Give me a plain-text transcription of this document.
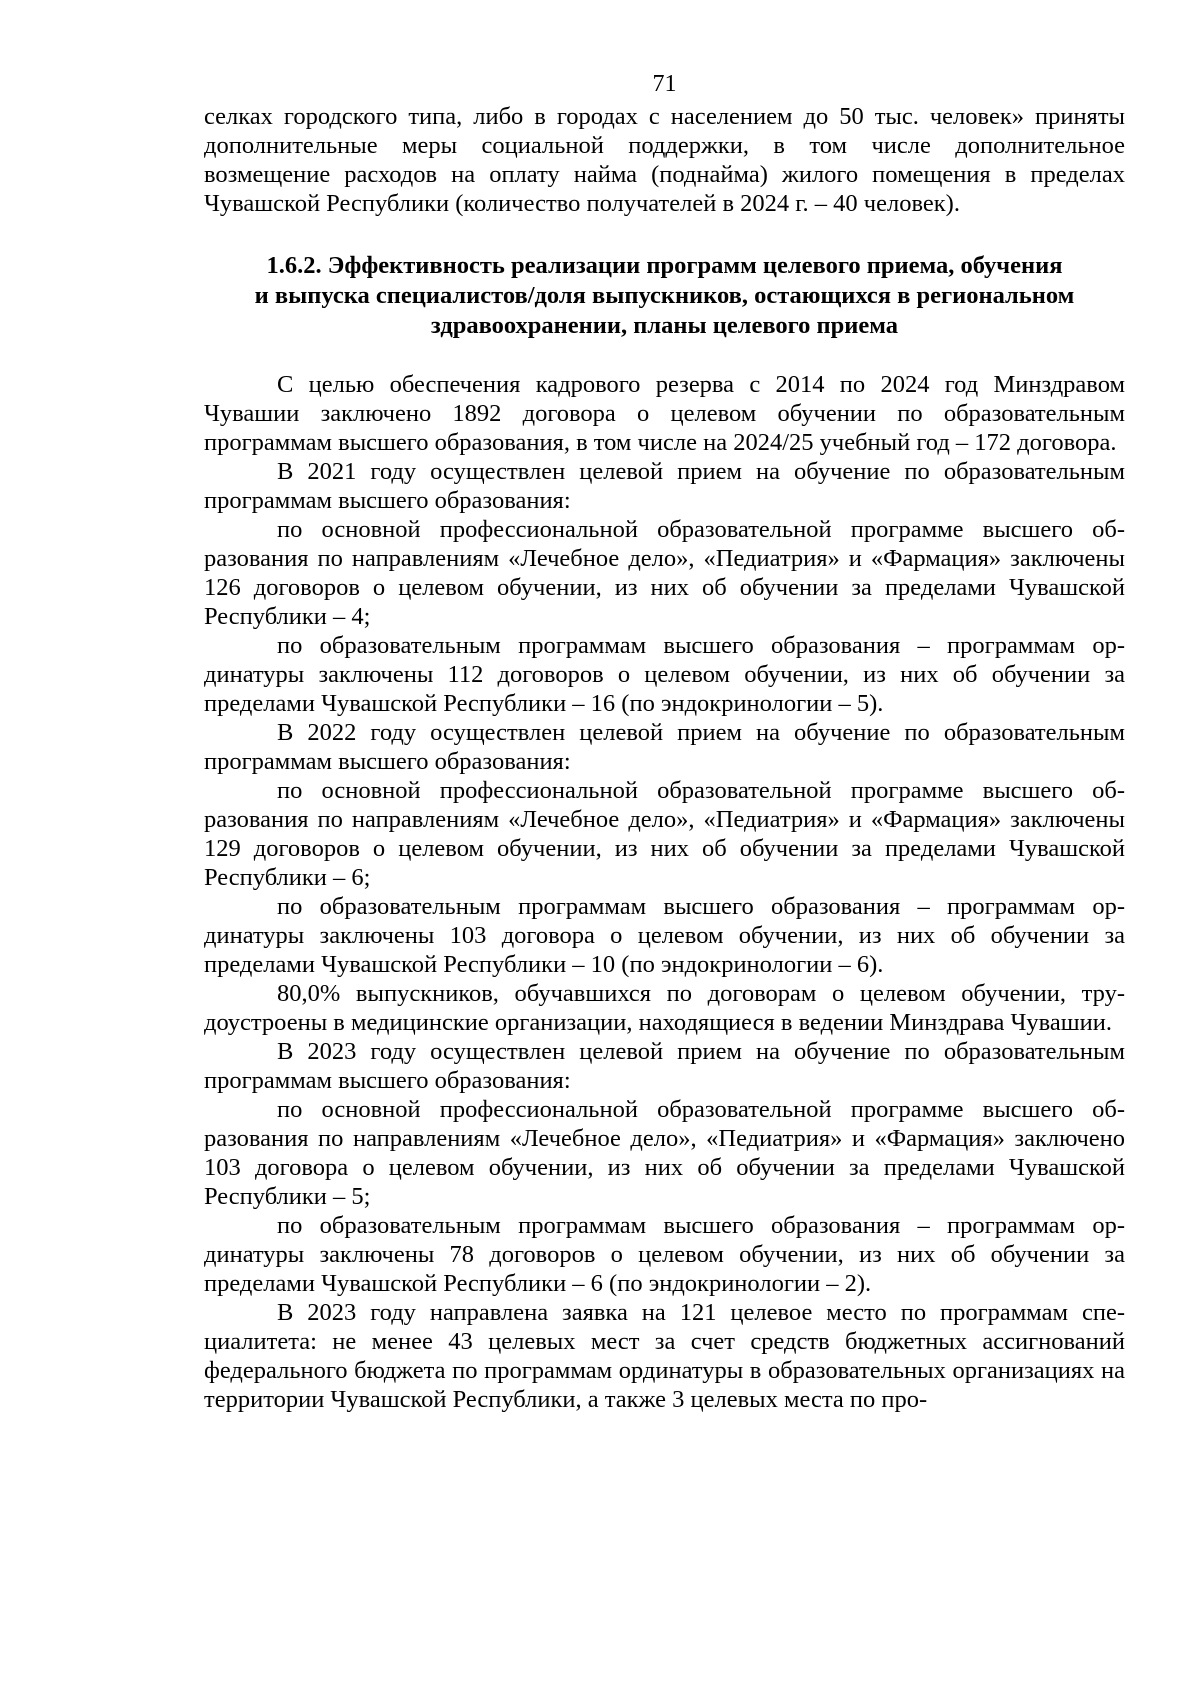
71

селках городского типа, либо в городах с населением до 50 тыс. человек» приняты дополнительные меры социальной поддержки, в том числе дополнительное возмещение расходов на оплату найма (поднайма) жилого помещения в пределах Чувашской Республики (количество получателей в 2024 г. – 40 человек).

1.6.2. Эффективность реализации программ целевого приема, обучения
и выпуска специалистов/доля выпускников, остающихся в региональном
здравоохранении, планы целевого приема

С целью обеспечения кадрового резерва с 2014 по 2024 год Минздравом Чувашии заключено 1892 договора о целевом обучении по образовательным программам высшего образования, в том числе на 2024/25 учебный год – 172 договора.

В 2021 году осуществлен целевой прием на обучение по образовательным программам высшего образования:

по основной профессиональной образовательной программе высшего образования по направлениям «Лечебное дело», «Педиатрия» и «Фармация» заключены 126 договоров о целевом обучении, из них об обучении за пределами Чувашской Республики – 4;

по образовательным программам высшего образования – программам ординатуры заключены 112 договоров о целевом обучении, из них об обучении за пределами Чувашской Республики – 16 (по эндокринологии – 5).

В 2022 году осуществлен целевой прием на обучение по образовательным программам высшего образования:

по основной профессиональной образовательной программе высшего образования по направлениям «Лечебное дело», «Педиатрия» и «Фармация» заключены 129 договоров о целевом обучении, из них об обучении за пределами Чувашской Республики – 6;

по образовательным программам высшего образования – программам ординатуры заключены 103 договора о целевом обучении, из них об обучении за пределами Чувашской Республики – 10 (по эндокринологии – 6).

80,0% выпускников, обучавшихся по договорам о целевом обучении, трудоустроены в медицинские организации, находящиеся в ведении Минздрава Чувашии.

В 2023 году осуществлен целевой прием на обучение по образовательным программам высшего образования:

по основной профессиональной образовательной программе высшего образования по направлениям «Лечебное дело», «Педиатрия» и «Фармация» заключено 103 договора о целевом обучении, из них об обучении за пределами Чувашской Республики – 5;

по образовательным программам высшего образования – программам ординатуры заключены 78 договоров о целевом обучении, из них об обучении за пределами Чувашской Республики – 6 (по эндокринологии – 2).

В 2023 году направлена заявка на 121 целевое место по программам специалитета: не менее 43 целевых мест за счет средств бюджетных ассигнований федерального бюджета по программам ординатуры в образовательных организациях на территории Чувашской Республики, а также 3 целевых места по про-
